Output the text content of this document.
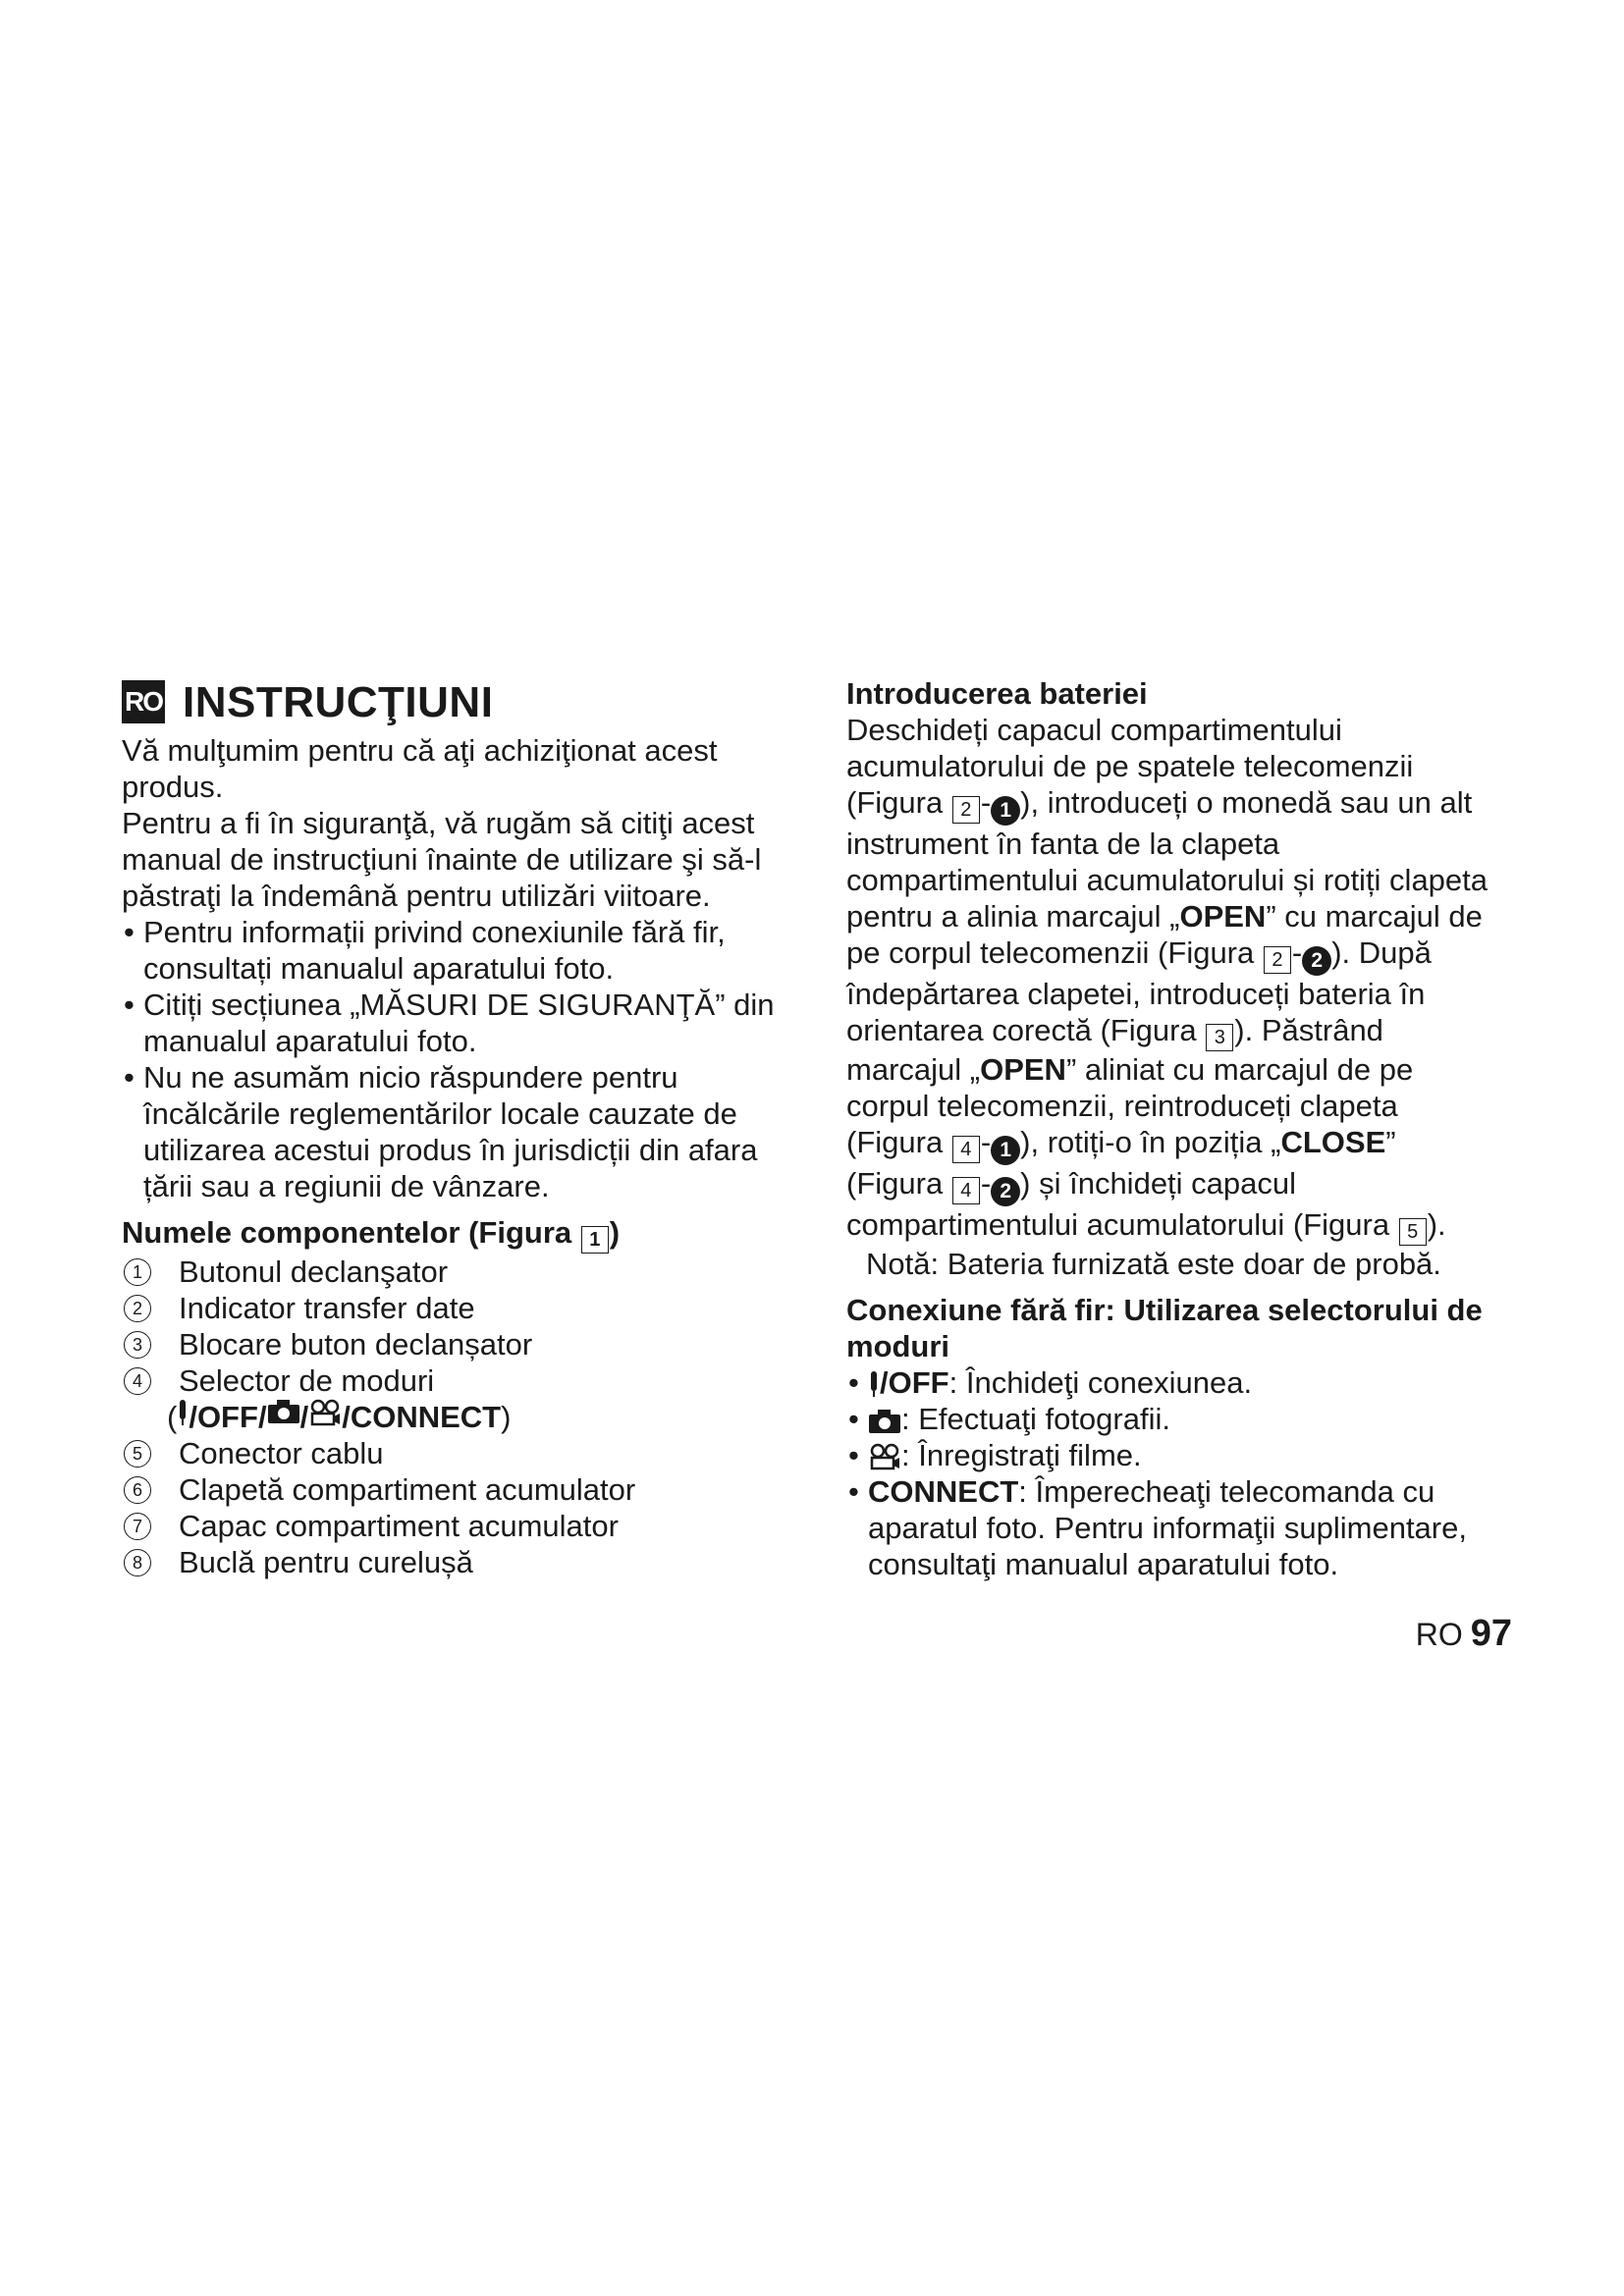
RO INSTRUCŢIUNI

Vă mulţumim pentru că aţi achiziţionat acest produs.

Pentru a fi în siguranţă, vă rugăm să citiţi acest manual de instrucţiuni înainte de utilizare şi să-l păstraţi la îndemână pentru utilizări viitoare.

• Pentru informații privind conexiunile fără fir, consultați manualul aparatului foto.
• Citiți secțiunea „MĂSURI DE SIGURANŢĂ” din manualul aparatului foto.
• Nu ne asumăm nicio răspundere pentru încălcările reglementărilor locale cauzate de utilizarea acestui produs în jurisdicții din afara țării sau a regiunii de vânzare.
Numele componentelor (Figura 1 )
1 Butonul declanşator
2 Indicator transfer date
3 Blocare buton declanșator
4 Selector de moduri
( /OFF / / / CONNECT )
5 Conector cablu
6 Clapetă compartiment acumulator
7 Capac compartiment acumulator
8 Buclă pentru curelușă
Introducerea bateriei

Deschideți capacul compartimentului acumulatorului de pe spatele telecomenzii (Figura 2 - 1 ), introduceți o monedă sau un alt instrument în fanta de la clapeta compartimentului acumulatorului și rotiți clapeta pentru a alinia marcajul „OPEN” cu marcajul de pe corpul telecomenzii (Figura 2 - 2 ). După îndepărtarea clapetei, introduceți bateria în orientarea corectă (Figura 3 ). Păstrând marcajul „OPEN” aliniat cu marcajul de pe corpul telecomenzii, reintroduceți clapeta (Figura 4 - 1 ), rotiți-o în poziția „CLOSE” (Figura 4 - 2 ) și închideți capacul compartimentului acumulatorului (Figura 5 ).

Notă: Bateria furnizată este doar de probă.

Conexiune fără fir: Utilizarea selectorului de moduri
• /OFF: Închideţi conexiunea.
• : Efectuaţi fotografii.
• : Înregistraţi filme.
• CONNECT: Împerecheaţi telecomanda cu aparatul foto. Pentru informaţii suplimentare, consultaţi manualul aparatului foto.
RO 97
